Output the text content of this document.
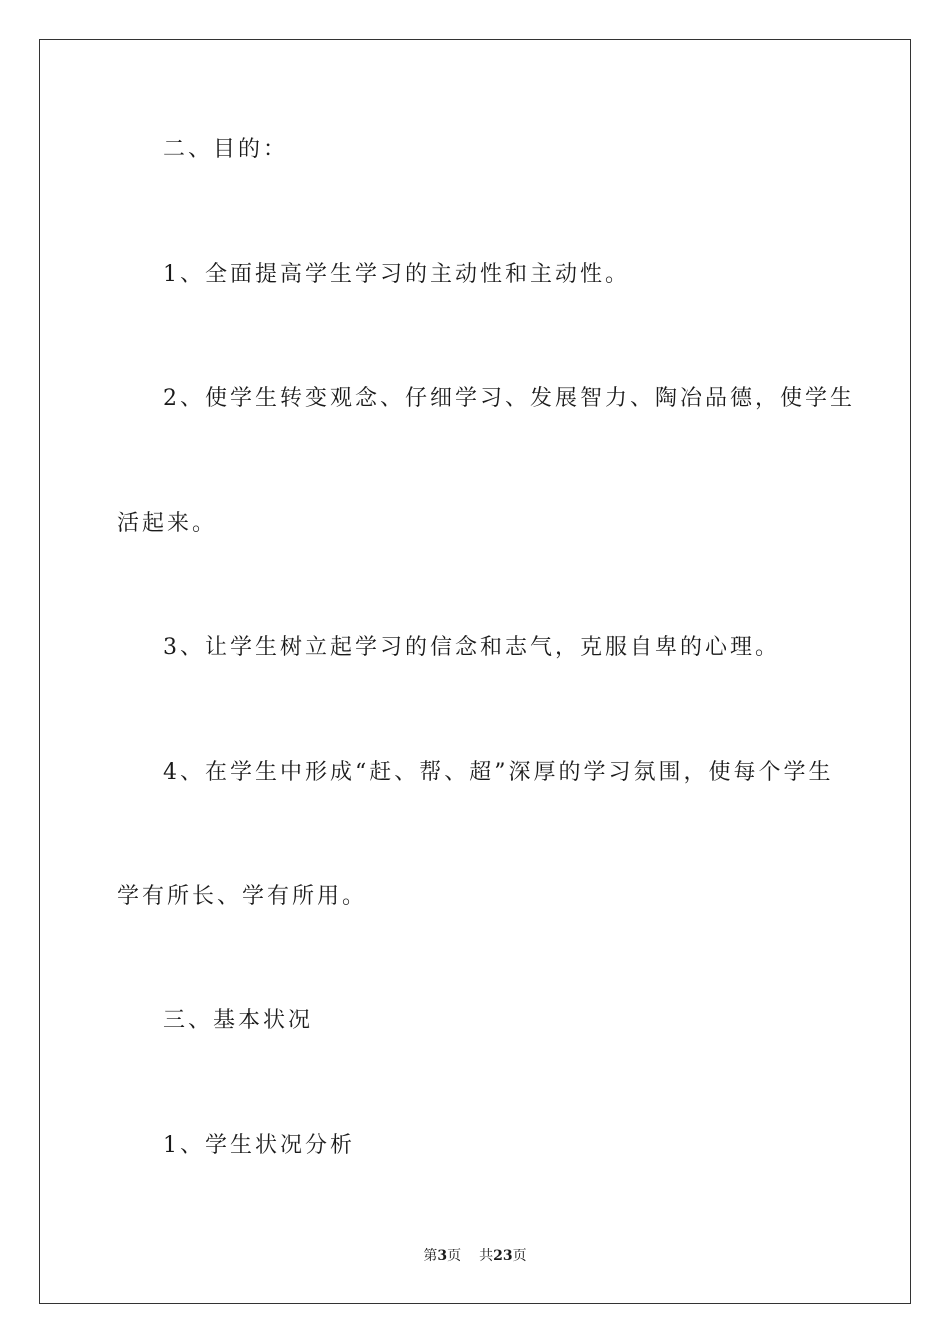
二、目的：
1、全面提高学生学习的主动性和主动性。
2、使学生转变观念、仔细学习、发展智力、陶冶品德，使学生
活起来。
3、让学生树立起学习的信念和志气，克服自卑的心理。
4、在学生中形成“赶、帮、超”深厚的学习氛围，使每个学生
学有所长、学有所用。
三、基本状况
1、学生状况分析
第3页 共23页
